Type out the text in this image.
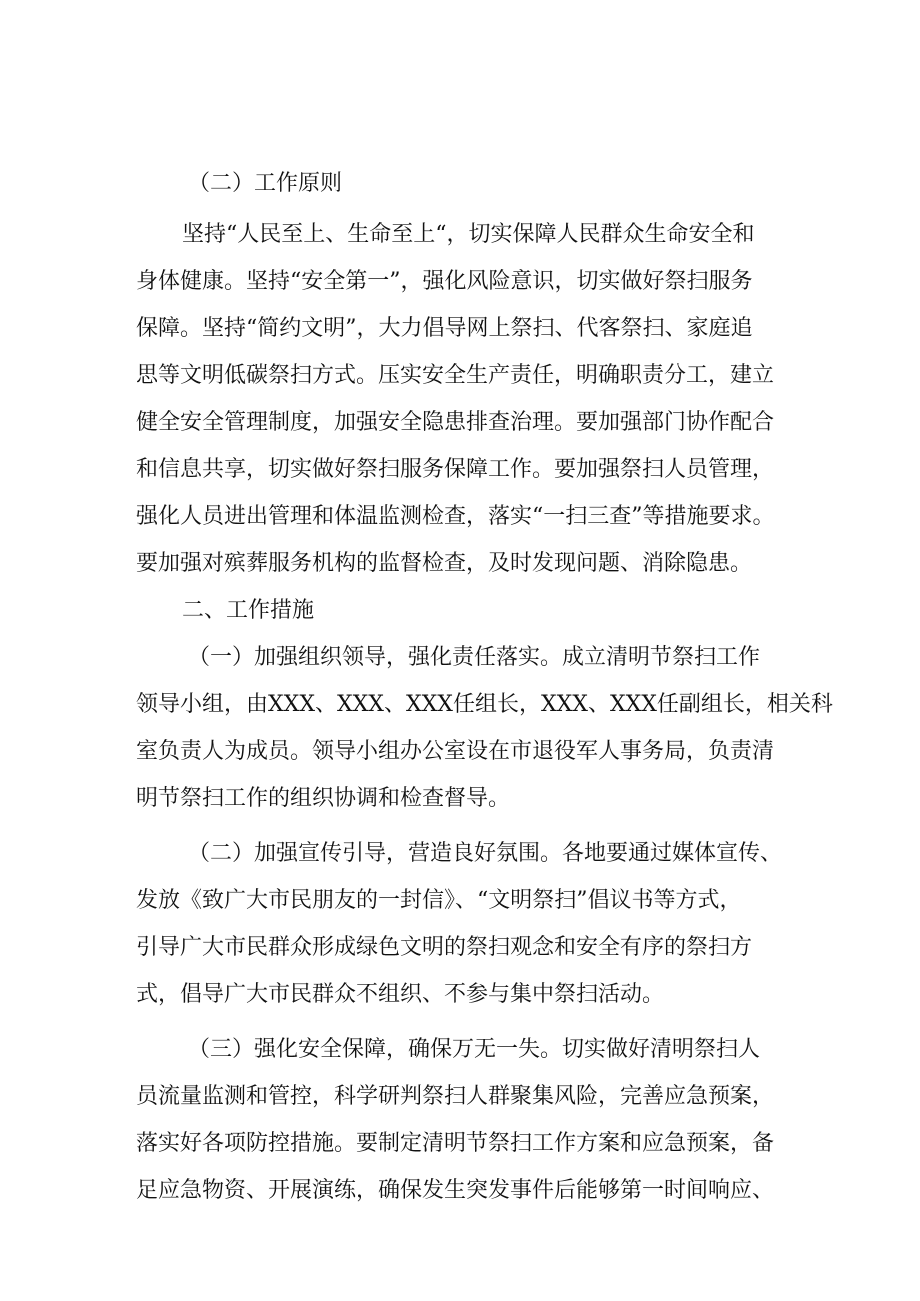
（二）工作原则
坚持“人民至上、生命至上“，切实保障人民群众生命安全和
身体健康。坚持“安全第一”，强化风险意识，切实做好祭扫服务
保障。坚持“简约文明”，大力倡导网上祭扫、代客祭扫、家庭追
思等文明低碳祭扫方式。压实安全生产责任，明确职责分工，建立
健全安全管理制度，加强安全隐患排查治理。要加强部门协作配合
和信息共享，切实做好祭扫服务保障工作。要加强祭扫人员管理，
强化人员进出管理和体温监测检查，落实“一扫三查”等措施要求。
要加强对殡葬服务机构的监督检查，及时发现问题、消除隐患。
二、工作措施
（一）加强组织领导，强化责任落实。成立清明节祭扫工作
领导小组，由XXX、XXX、XXX任组长，XXX、XXX任副组长，相关科
室负责人为成员。领导小组办公室设在市退役军人事务局，负责清
明节祭扫工作的组织协调和检查督导。
（二）加强宣传引导，营造良好氛围。各地要通过媒体宣传、
发放《致广大市民朋友的一封信》、“文明祭扫”倡议书等方式，
引导广大市民群众形成绿色文明的祭扫观念和安全有序的祭扫方
式，倡导广大市民群众不组织、不参与集中祭扫活动。
（三）强化安全保障，确保万无一失。切实做好清明祭扫人
员流量监测和管控，科学研判祭扫人群聚集风险，完善应急预案，
落实好各项防控措施。要制定清明节祭扫工作方案和应急预案，备
足应急物资、开展演练，确保发生突发事件后能够第一时间响应、
